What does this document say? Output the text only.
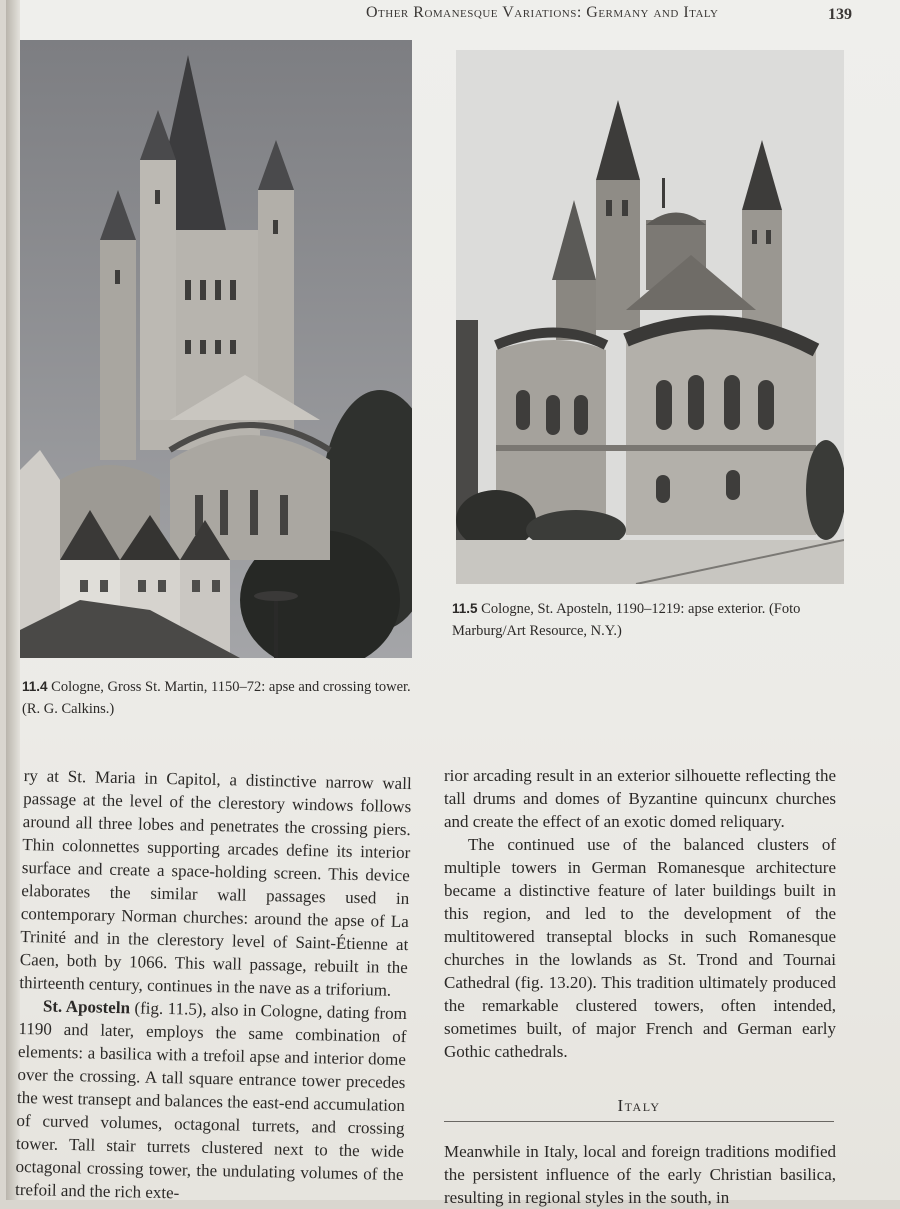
Other Romanesque Variations: Germany and Italy	139
11.5 Cologne, St. Aposteln, 1190–1219: apse exterior. (Foto Marburg/Art Resource, N.Y.)
11.4 Cologne, Gross St. Martin, 1150–72: apse and crossing tower. (R. G. Calkins.)

ry at St. Maria in Capitol, a distinctive narrow wall passage at the level of the clerestory windows follows around all three lobes and penetrates the crossing piers. Thin colonnettes supporting arcades define its interior surface and create a space-holding screen. This device elaborates the similar wall passages used in contemporary Norman churches: around the apse of La Trinité and in the clerestory level of Saint-Étienne at Caen, both by 1066. This wall passage, rebuilt in the thirteenth century, continues in the nave as a triforium.

St. Aposteln (fig. 11.5), also in Cologne, dating from 1190 and later, employs the same combination of elements: a basilica with a trefoil apse and interior dome over the crossing. A tall square entrance tower precedes the west transept and balances the east-end accumulation of curved volumes, octagonal turrets, and crossing tower. Tall stair turrets clustered next to the wide octagonal crossing tower, the undulating volumes of the trefoil and the rich exte-

rior arcading result in an exterior silhouette reflecting the tall drums and domes of Byzantine quincunx churches and create the effect of an exotic domed reliquary.

The continued use of the balanced clusters of multiple towers in German Romanesque architecture became a distinctive feature of later buildings built in this region, and led to the development of the multitowered transeptal blocks in such Romanesque churches in the lowlands as St. Trond and Tournai Cathedral (fig. 13.20). This tradition ultimately produced the remarkable clustered towers, often intended, sometimes built, of major French and German early Gothic cathedrals.

Italy

Meanwhile in Italy, local and foreign traditions modified the persistent influence of the early Christian basilica, resulting in regional styles in the south, in
